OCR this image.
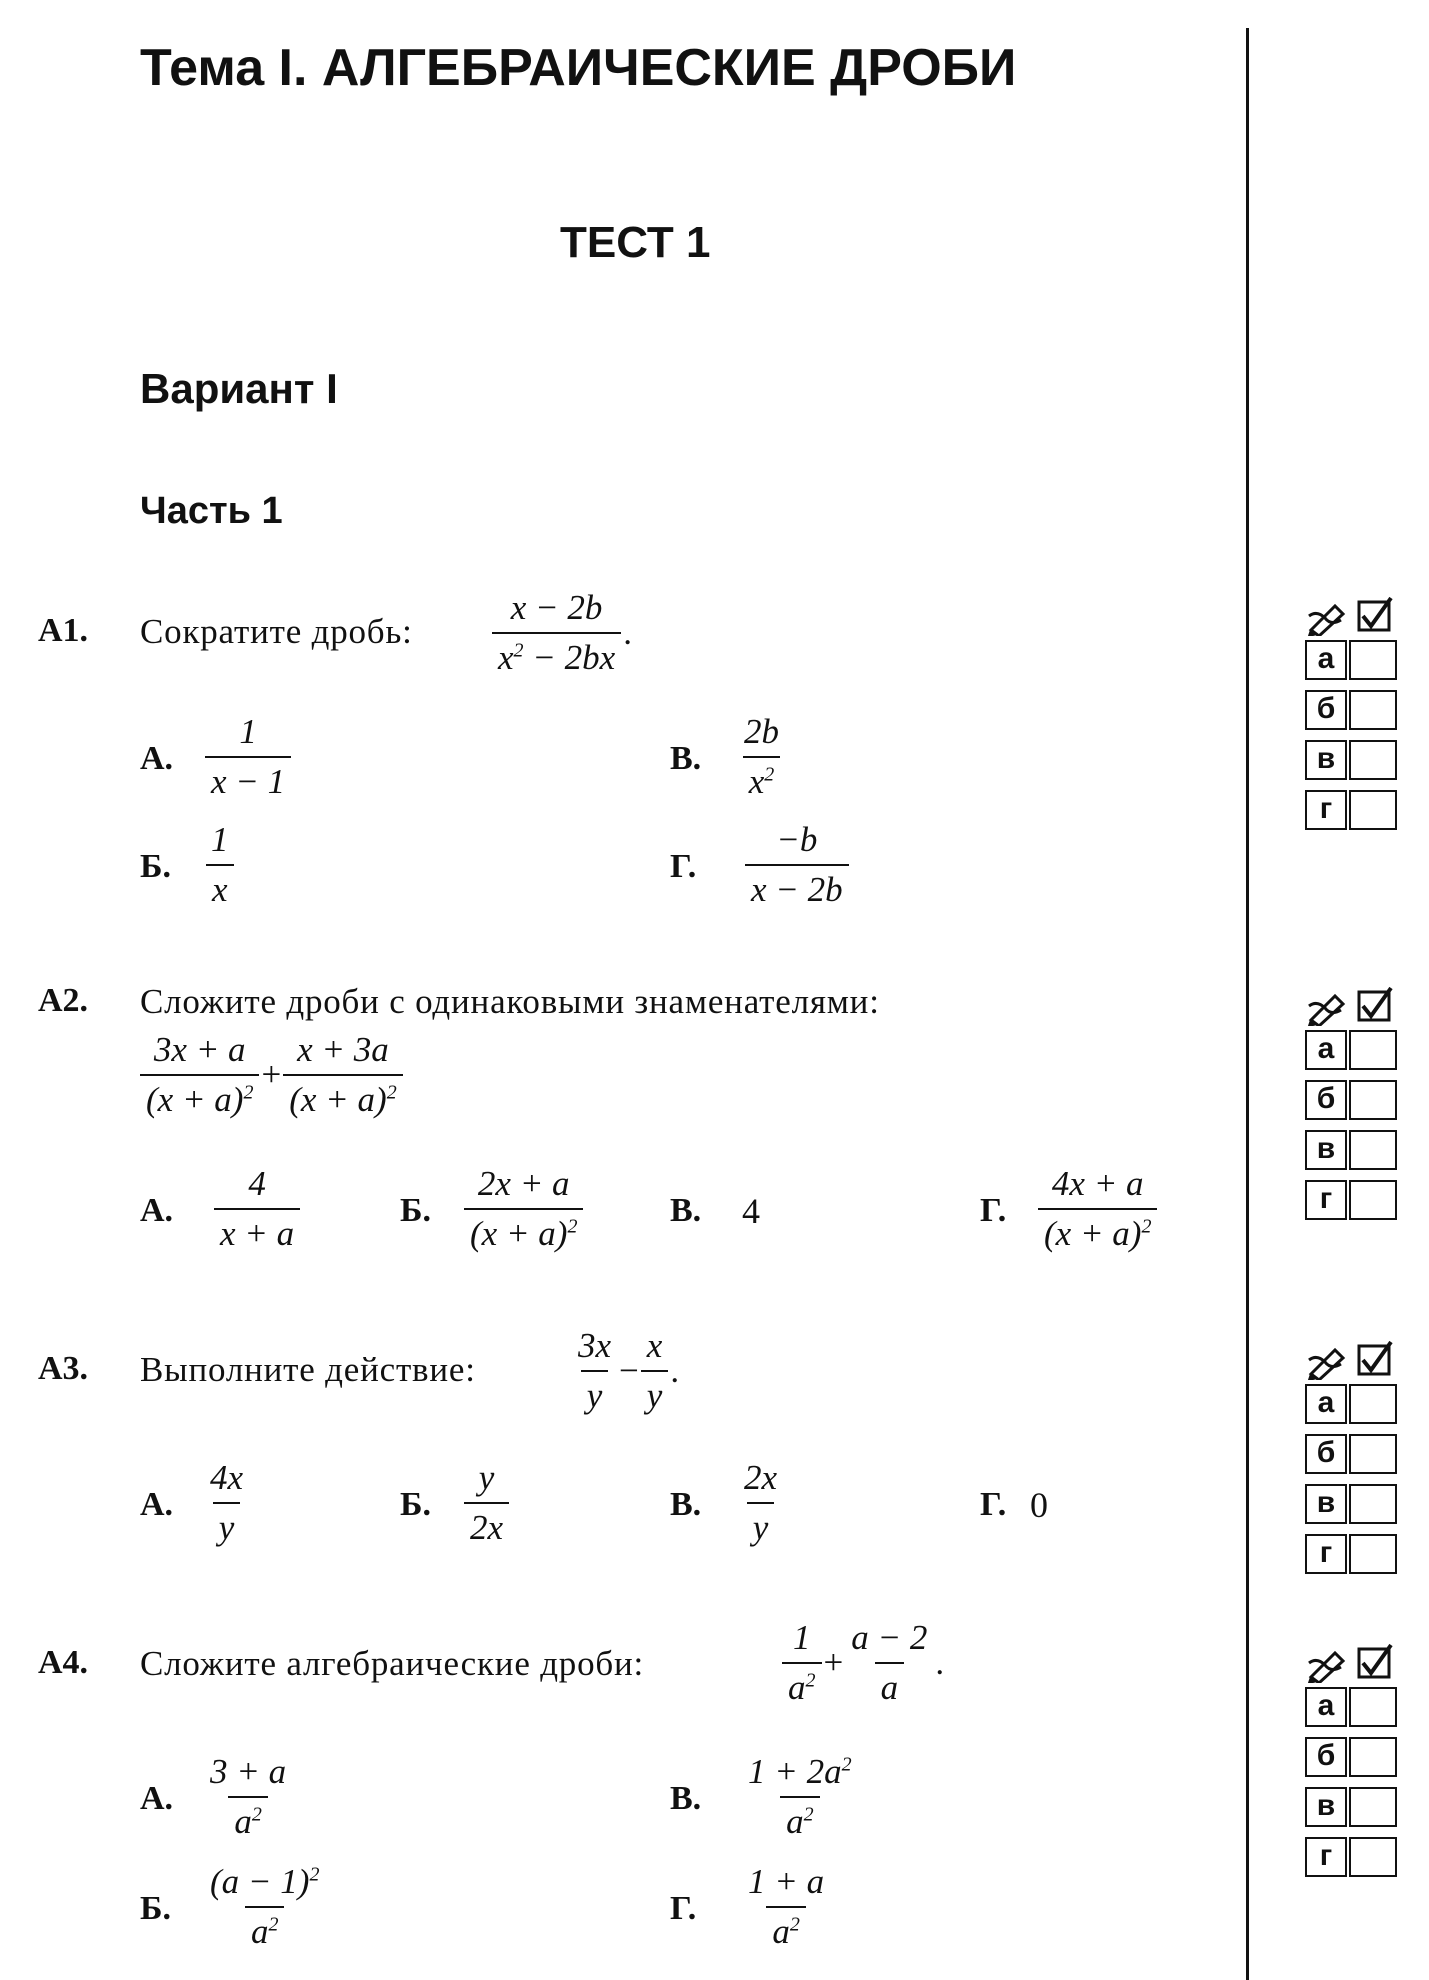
Тема I. АЛГЕБРАИЧЕСКИЕ ДРОБИ
ТЕСТ 1
Вариант I
Часть 1
А1. Сократите дробь: $\frac{x - 2b}{x^2 - 2bx}$ .
А. $\frac{1}{x - 1}$	В. $\frac{2b}{x^2}$
Б. $\frac{1}{x}$	Г. $\frac{-b}{x - 2b}$
А2. Сложите дроби с одинаковыми знаменателями:
$\frac{3x + a}{(x + a)^2} + \frac{x + 3a}{(x + a)^2}$
А. $\frac{4}{x + a}$	Б. $\frac{2x + a}{(x + a)^2}$	В. 4	Г. $\frac{4x + a}{(x + a)^2}$
А3. Выполните действие:	$\frac{3x}{y} - \frac{x}{y}$ .
А. $\frac{4x}{y}$	Б. $\frac{y}{2x}$	В. $\frac{2x}{y}$	Г. 0
А4. Сложите алгебраические дроби:	$\frac{1}{a^2} + \frac{a - 2}{a}$ .
А. $\frac{3 + a}{a^2}$	В. $\frac{1 + 2a^2}{a^2}$
Б. $\frac{(a - 1)^2}{a^2}$	Г. $\frac{1 + a}{a^2}$
а
б
в
г
а
б
в
г
а
б
в
г
а
б
в
г
